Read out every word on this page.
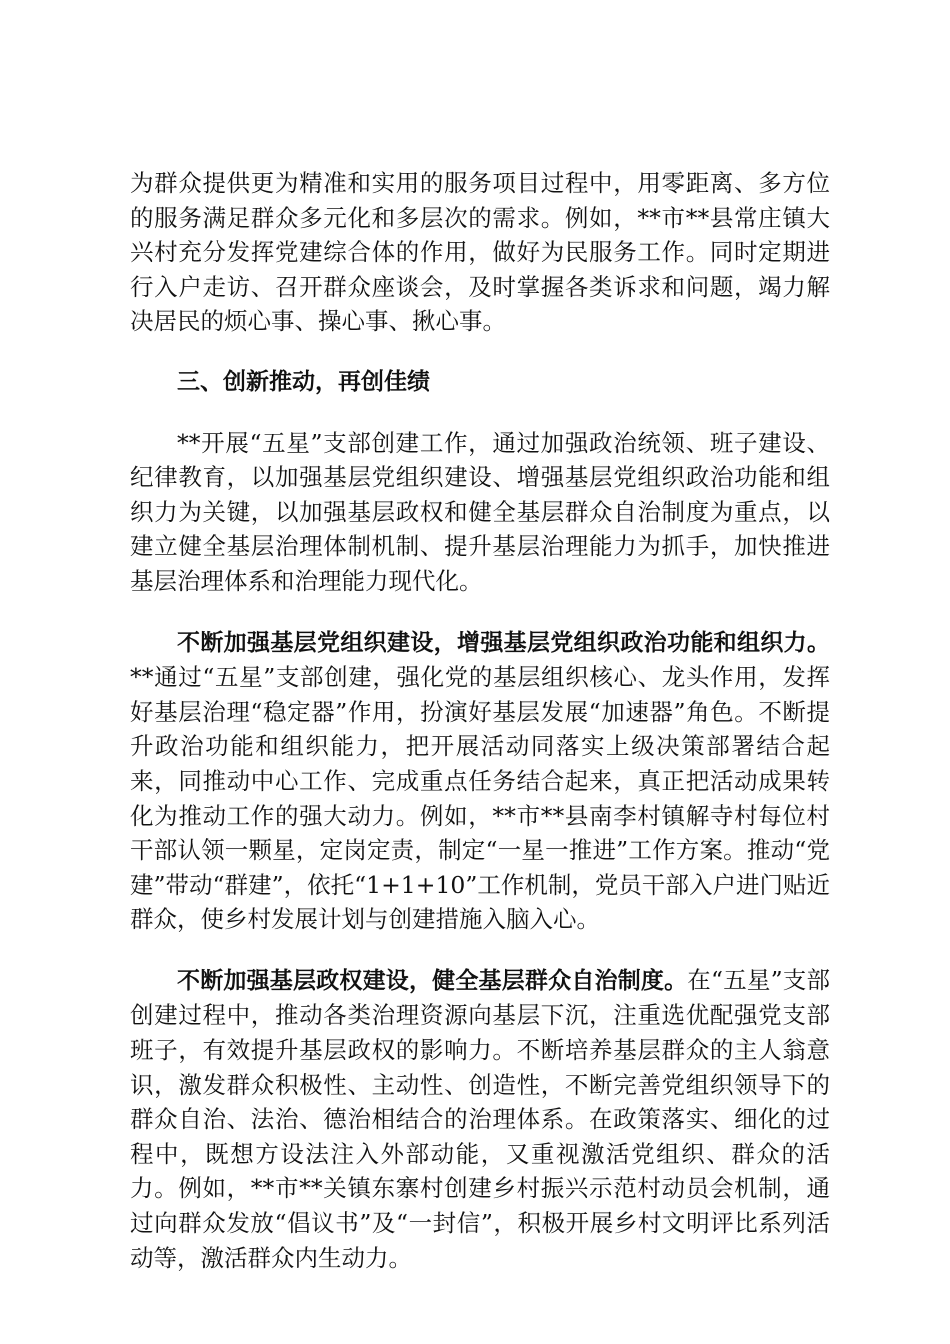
为群众提供更为精准和实用的服务项目过程中，用零距离、多方位的服务满足群众多元化和多层次的需求。例如，**市**县常庄镇大兴村充分发挥党建综合体的作用，做好为民服务工作。同时定期进行入户走访、召开群众座谈会，及时掌握各类诉求和问题，竭力解决居民的烦心事、操心事、揪心事。

三、创新推动，再创佳绩

**开展“五星”支部创建工作，通过加强政治统领、班子建设、纪律教育，以加强基层党组织建设、增强基层党组织政治功能和组织力为关键，以加强基层政权和健全基层群众自治制度为重点，以建立健全基层治理体制机制、提升基层治理能力为抓手，加快推进基层治理体系和治理能力现代化。

不断加强基层党组织建设，增强基层党组织政治功能和组织力。**通过“五星”支部创建，强化党的基层组织核心、龙头作用，发挥好基层治理“稳定器”作用，扮演好基层发展“加速器”角色。不断提升政治功能和组织能力，把开展活动同落实上级决策部署结合起来，同推动中心工作、完成重点任务结合起来，真正把活动成果转化为推动工作的强大动力。例如，**市**县南李村镇解寺村每位村干部认领一颗星，定岗定责，制定“一星一推进”工作方案。推动“党建”带动“群建”，依托“1+1+10”工作机制，党员干部入户进门贴近群众，使乡村发展计划与创建措施入脑入心。

不断加强基层政权建设，健全基层群众自治制度。在“五星”支部创建过程中，推动各类治理资源向基层下沉，注重选优配强党支部班子，有效提升基层政权的影响力。不断培养基层群众的主人翁意识，激发群众积极性、主动性、创造性，不断完善党组织领导下的群众自治、法治、德治相结合的治理体系。在政策落实、细化的过程中，既想方设法注入外部动能，又重视激活党组织、群众的活力。例如，**市**关镇东寨村创建乡村振兴示范村动员会机制，通过向群众发放“倡议书”及“一封信”，积极开展乡村文明评比系列活动等，激活群众内生动力。
